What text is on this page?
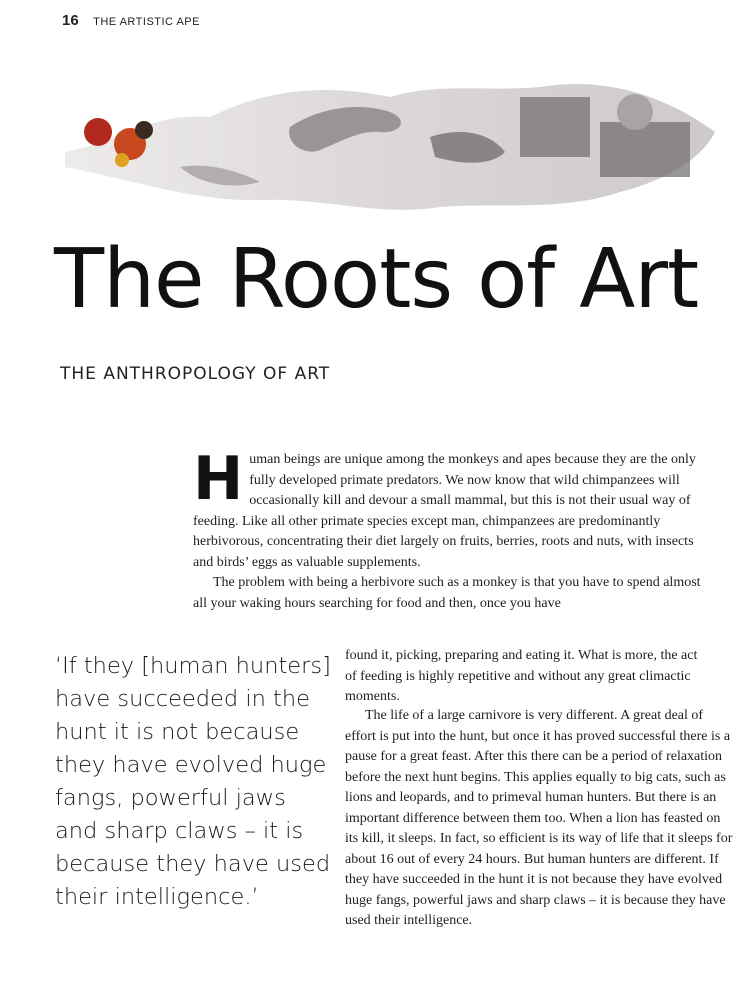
16 THE ARTISTIC APE
The Roots of Art
THE ANTHROPOLOGY OF ART
H uman beings are unique among the monkeys and apes because they are the only fully developed primate predators. We now know that wild chimpanzees will occasionally kill and devour a small mammal, but this is not their usual way of feeding. Like all other primate species except man, chimpanzees are predominantly herbivorous, concentrating their diet largely on fruits, berries, roots and nuts, with insects and birds’ eggs as valuable supplements.

The problem with being a herbivore such as a monkey is that you have to spend almost all your waking hours searching for food and then, once you have

found it, picking, preparing and eating it. What is more, the act of feeding is highly repetitive and without any great climactic moments.

The life of a large carnivore is very different. A great deal of effort is put into the hunt, but once it has proved successful there is a pause for a great feast. After this there can be a period of relaxation before the next hunt begins. This applies equally to big cats, such as lions and leopards, and to primeval human hunters. But there is an important difference between them too. When a lion has feasted on its kill, it sleeps. In fact, so efficient is its way of life that it sleeps for about 16 out of every 24 hours. But human hunters are different. If they have succeeded in the hunt it is not because they have evolved huge fangs, powerful jaws and sharp claws – it is because they have used their intelligence.

‘If they [human hunters] have succeeded in the hunt it is not because they have evolved huge fangs, powerful jaws and sharp claws – it is because they have used their intelligence.’
